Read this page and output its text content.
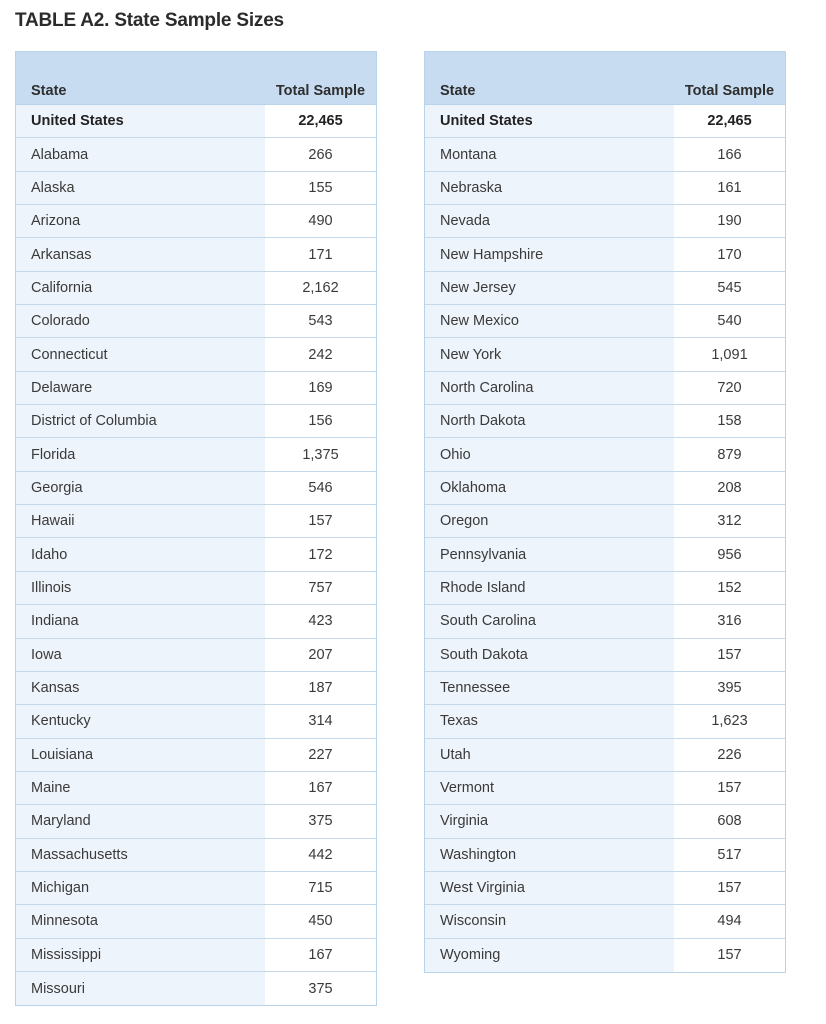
TABLE A2. State Sample Sizes
State	Total Sample
United States	22,465
Alabama	266
Alaska	155
Arizona	490
Arkansas	171
California	2,162
Colorado	543
Connecticut	242
Delaware	169
District of Columbia	156
Florida	1,375
Georgia	546
Hawaii	157
Idaho	172
Illinois	757
Indiana	423
Iowa	207
Kansas	187
Kentucky	314
Louisiana	227
Maine	167
Maryland	375
Massachusetts	442
Michigan	715
Minnesota	450
Mississippi	167
Missouri	375
State	Total Sample
United States	22,465
Montana	166
Nebraska	161
Nevada	190
New Hampshire	170
New Jersey	545
New Mexico	540
New York	1,091
North Carolina	720
North Dakota	158
Ohio	879
Oklahoma	208
Oregon	312
Pennsylvania	956
Rhode Island	152
South Carolina	316
South Dakota	157
Tennessee	395
Texas	1,623
Utah	226
Vermont	157
Virginia	608
Washington	517
West Virginia	157
Wisconsin	494
Wyoming	157
